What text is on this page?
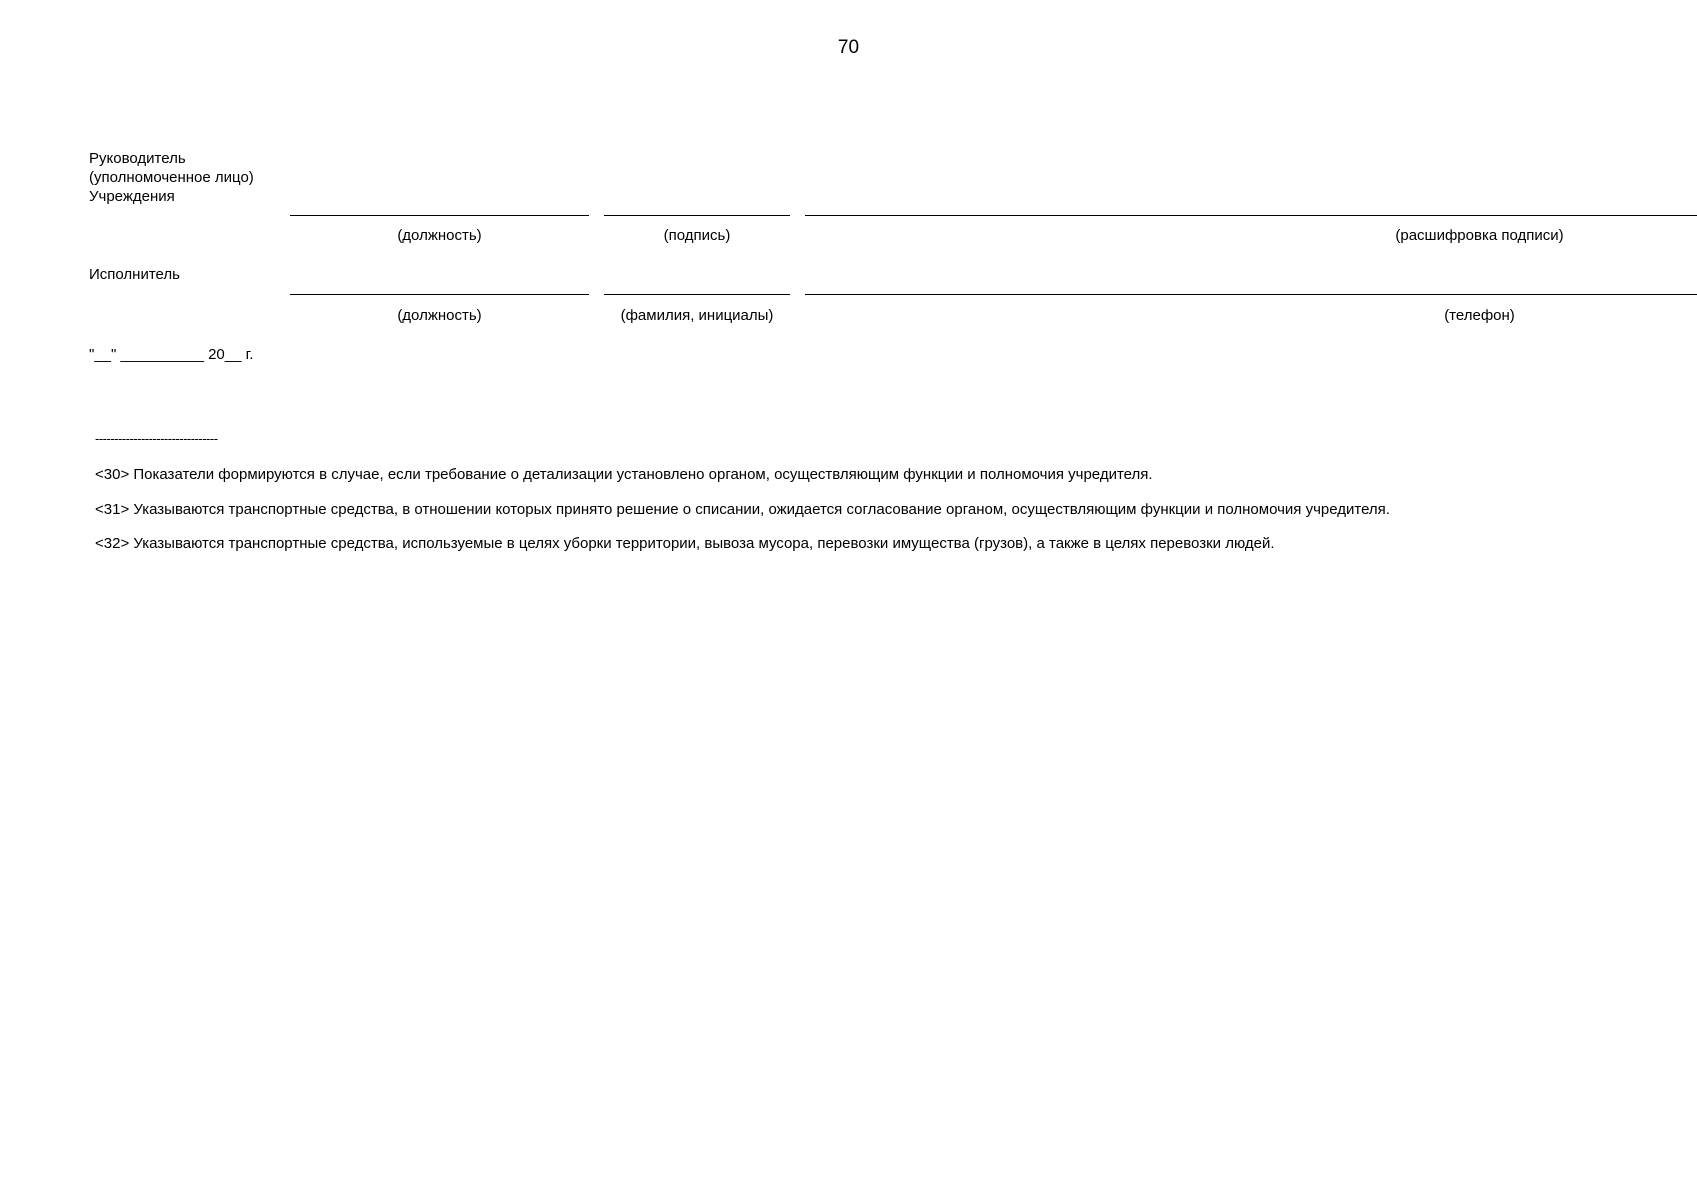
70
Руководитель
(уполномоченное лицо)
Учреждения
(должность)	(подпись)	(расшифровка подписи)
Исполнитель
(должность)	(фамилия, инициалы)	(телефон)
"__" __________ 20__ г.
--------------------------------
<30> Показатели формируются в случае, если требование о детализации установлено органом, осуществляющим функции и полномочия учредителя.
<31> Указываются транспортные средства, в отношении которых принято решение о списании, ожидается согласование органом, осуществляющим функции и полномочия учредителя.
<32> Указываются транспортные средства, используемые в целях уборки территории, вывоза мусора, перевозки имущества (грузов), а также в целях перевозки людей.
